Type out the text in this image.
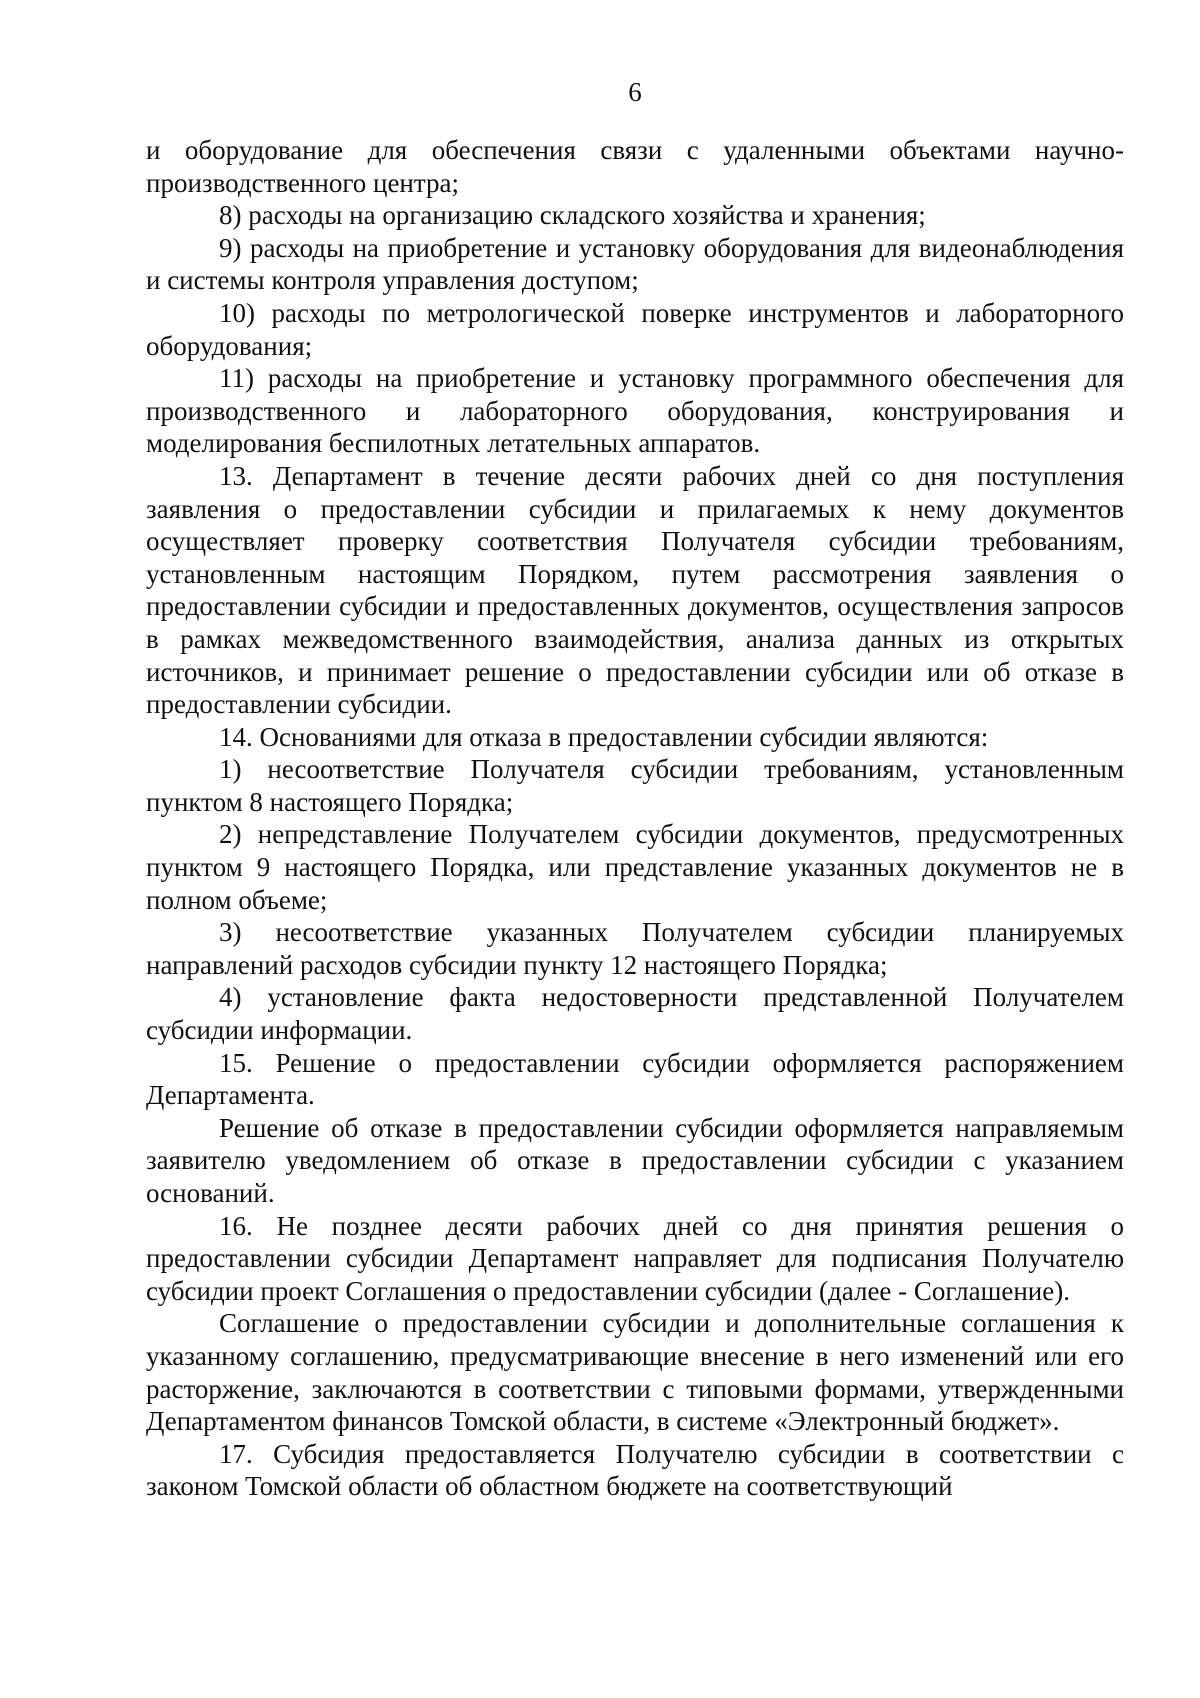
6

и оборудование для обеспечения связи с удаленными объектами научно-производственного центра;

8) расходы на организацию складского хозяйства и хранения;

9) расходы на приобретение и установку оборудования для видеонаблюдения и системы контроля управления доступом;

10) расходы по метрологической поверке инструментов и лабораторного оборудования;

11) расходы на приобретение и установку программного обеспечения для производственного и лабораторного оборудования, конструирования и моделирования беспилотных летательных аппаратов.

13. Департамент в течение десяти рабочих дней со дня поступления заявления о предоставлении субсидии и прилагаемых к нему документов осуществляет проверку соответствия Получателя субсидии требованиям, установленным настоящим Порядком, путем рассмотрения заявления о предоставлении субсидии и предоставленных документов, осуществления запросов в рамках межведомственного взаимодействия, анализа данных из открытых источников, и принимает решение о предоставлении субсидии или об отказе в предоставлении субсидии.

14. Основаниями для отказа в предоставлении субсидии являются:

1) несоответствие Получателя субсидии требованиям, установленным пунктом 8 настоящего Порядка;

2) непредставление Получателем субсидии документов, предусмотренных пунктом 9 настоящего Порядка, или представление указанных документов не в полном объеме;

3) несоответствие указанных Получателем субсидии планируемых направлений расходов субсидии пункту 12 настоящего Порядка;

4) установление факта недостоверности представленной Получателем субсидии информации.

15. Решение о предоставлении субсидии оформляется распоряжением Департамента.

Решение об отказе в предоставлении субсидии оформляется направляемым заявителю уведомлением об отказе в предоставлении субсидии с указанием оснований.

16. Не позднее десяти рабочих дней со дня принятия решения о предоставлении субсидии Департамент направляет для подписания Получателю субсидии проект Соглашения о предоставлении субсидии (далее - Соглашение).

Соглашение о предоставлении субсидии и дополнительные соглашения к указанному соглашению, предусматривающие внесение в него изменений или его расторжение, заключаются в соответствии с типовыми формами, утвержденными Департаментом финансов Томской области, в системе «Электронный бюджет».

17. Субсидия предоставляется Получателю субсидии в соответствии с законом Томской области об областном бюджете на соответствующий
